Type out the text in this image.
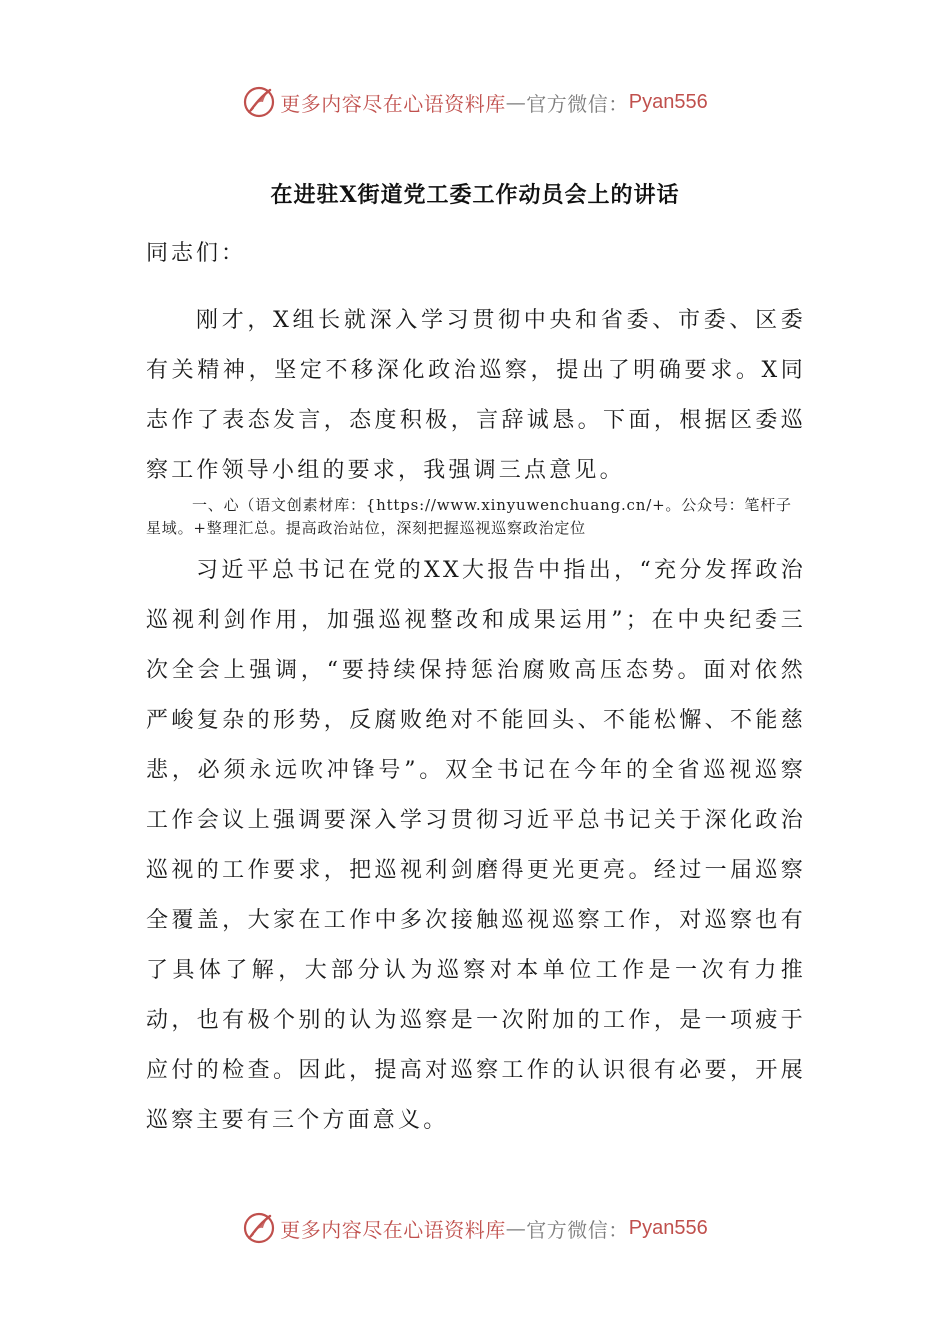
更多内容尽在心语资料库 — 官方微信： Pyan556
在进驻X街道党工委工作动员会上的讲话

同志们：

刚才，X组长就深入学习贯彻中央和省委、市委、区委有关精神，坚定不移深化政治巡察，提出了明确要求。X同志作了表态发言，态度积极，言辞诚恳。下面，根据区委巡察工作领导小组的要求，我强调三点意见。

一、心（语文创素材库：{https://www.xinyuwenchuang.cn/+。公众号：笔杆子星域。+整理汇总。提高政治站位，深刻把握巡视巡察政治定位

习近平总书记在党的XX大报告中指出，“充分发挥政治巡视利剑作用，加强巡视整改和成果运用”；在中央纪委三次全会上强调，“要持续保持惩治腐败高压态势。面对依然严峻复杂的形势，反腐败绝对不能回头、不能松懈、不能慈悲，必须永远吹冲锋号”。双全书记在今年的全省巡视巡察工作会议上强调要深入学习贯彻习近平总书记关于深化政治巡视的工作要求，把巡视利剑磨得更光更亮。经过一届巡察全覆盖，大家在工作中多次接触巡视巡察工作，对巡察也有了具体了解，大部分认为巡察对本单位工作是一次有力推动，也有极个别的认为巡察是一次附加的工作，是一项疲于应付的检查。因此，提高对巡察工作的认识很有必要，开展巡察主要有三个方面意义。

更多内容尽在心语资料库 — 官方微信： Pyan556
